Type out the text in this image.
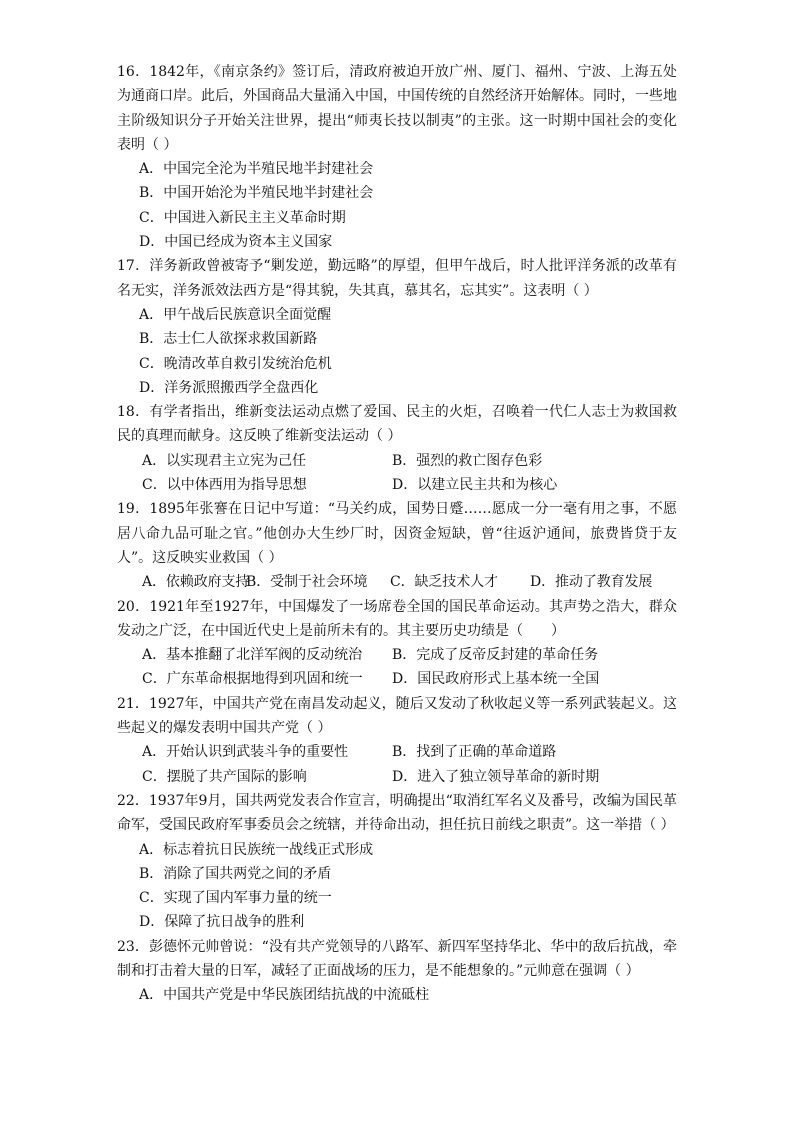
16．1842年，《南京条约》签订后，清政府被迫开放广州、厦门、福州、宁波、上海五处为通商口岸。此后，外国商品大量涌入中国，中国传统的自然经济开始解体。同时，一些地主阶级知识分子开始关注世界，提出“师夷长技以制夷”的主张。这一时期中国社会的变化表明（ ）

A．中国完全沦为半殖民地半封建社会

B．中国开始沦为半殖民地半封建社会

C．中国进入新民主主义革命时期

D．中国已经成为资本主义国家

17．洋务新政曾被寄予“剿发逆，勤远略”的厚望，但甲午战后，时人批评洋务派的改革有名无实，洋务派效法西方是“得其貌，失其真，慕其名，忘其实”。这表明（ ）

A．甲午战后民族意识全面觉醒

B．志士仁人欲探求救国新路

C．晚清改革自救引发统治危机

D．洋务派照搬西学全盘西化

18．有学者指出，维新变法运动点燃了爱国、民主的火炬，召唤着一代仁人志士为救国救民的真理而献身。这反映了维新变法运动（ ）

A．以实现君主立宪为己任	B．强烈的救亡图存色彩
C．以中体西用为指导思想	D．以建立民主共和为核心

19．1895年张謇在日记中写道：“马关约成，国势日蹙……愿成一分一毫有用之事，不愿居八命九品可耻之官。”他创办大生纱厂时，因资金短缺，曾“往返沪通间，旅费皆贷于友人”。这反映实业救国（ ）

A．依赖政府支持B．受制于社会环境 C．缺乏技术人才 D．推动了教育发展

20．1921年至1927年，中国爆发了一场席卷全国的国民革命运动。其声势之浩大，群众发动之广泛，在中国近代史上是前所未有的。其主要历史功绩是（　　）

A．基本推翻了北洋军阀的反动统治	B．完成了反帝反封建的革命任务
C．广东革命根据地得到巩固和统一	D．国民政府形式上基本统一全国

21．1927年，中国共产党在南昌发动起义，随后又发动了秋收起义等一系列武装起义。这些起义的爆发表明中国共产党（ ）

A．开始认识到武装斗争的重要性	B．找到了正确的革命道路
C．摆脱了共产国际的影响	D．进入了独立领导革命的新时期

22．1937年9月，国共两党发表合作宣言，明确提出“取消红军名义及番号，改编为国民革命军，受国民政府军事委员会之统辖，并待命出动，担任抗日前线之职责”。这一举措（ ）

A．标志着抗日民族统一战线正式形成

B．消除了国共两党之间的矛盾

C．实现了国内军事力量的统一

D．保障了抗日战争的胜利

23．彭德怀元帅曾说：“没有共产党领导的八路军、新四军坚持华北、华中的敌后抗战，牵制和打击着大量的日军，减轻了正面战场的压力，是不能想象的。”元帅意在强调（ ）

A．中国共产党是中华民族团结抗战的中流砥柱
